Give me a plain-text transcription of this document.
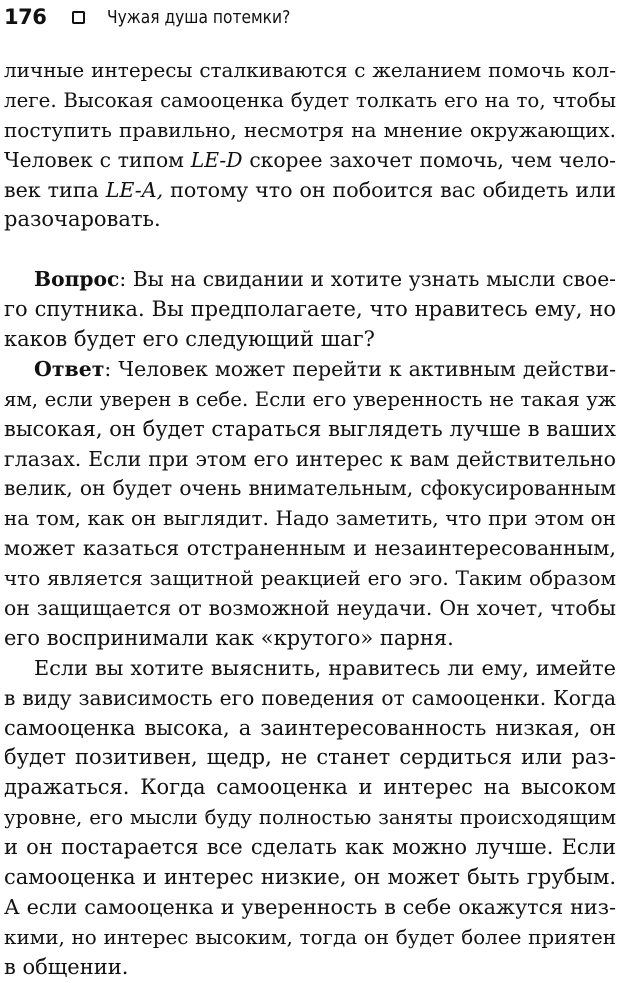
176	Чужая душа потемки?
личные интересы сталкиваются с желанием помочь кол-
леге. Высокая самооценка будет толкать его на то, чтобы
поступить правильно, несмотря на мнение окружающих.
Человек с типом LE-D скорее захочет помочь, чем чело-
век типа LE-A, потому что он побоится вас обидеть или
разочаровать.
Вопрос: Вы на свидании и хотите узнать мысли свое-
го спутника. Вы предполагаете, что нравитесь ему, но
каков будет его следующий шаг?
Ответ: Человек может перейти к активным действи-
ям, если уверен в себе. Если его уверенность не такая уж
высокая, он будет стараться выглядеть лучше в ваших
глазах. Если при этом его интерес к вам действительно
велик, он будет очень внимательным, сфокусированным
на том, как он выглядит. Надо заметить, что при этом он
может казаться отстраненным и незаинтересованным,
что является защитной реакцией его эго. Таким образом
он защищается от возможной неудачи. Он хочет, чтобы
его воспринимали как «крутого» парня.
Если вы хотите выяснить, нравитесь ли ему, имейте
в виду зависимость его поведения от самооценки. Когда
самооценка высока, а заинтересованность низкая, он
будет позитивен, щедр, не станет сердиться или раз-
дражаться. Когда самооценка и интерес на высоком
уровне, его мысли буду полностью заняты происходящим
и он постарается все сделать как можно лучше. Если
самооценка и интерес низкие, он может быть грубым.
А если самооценка и уверенность в себе окажутся низ-
кими, но интерес высоким, тогда он будет более приятен
в общении.
